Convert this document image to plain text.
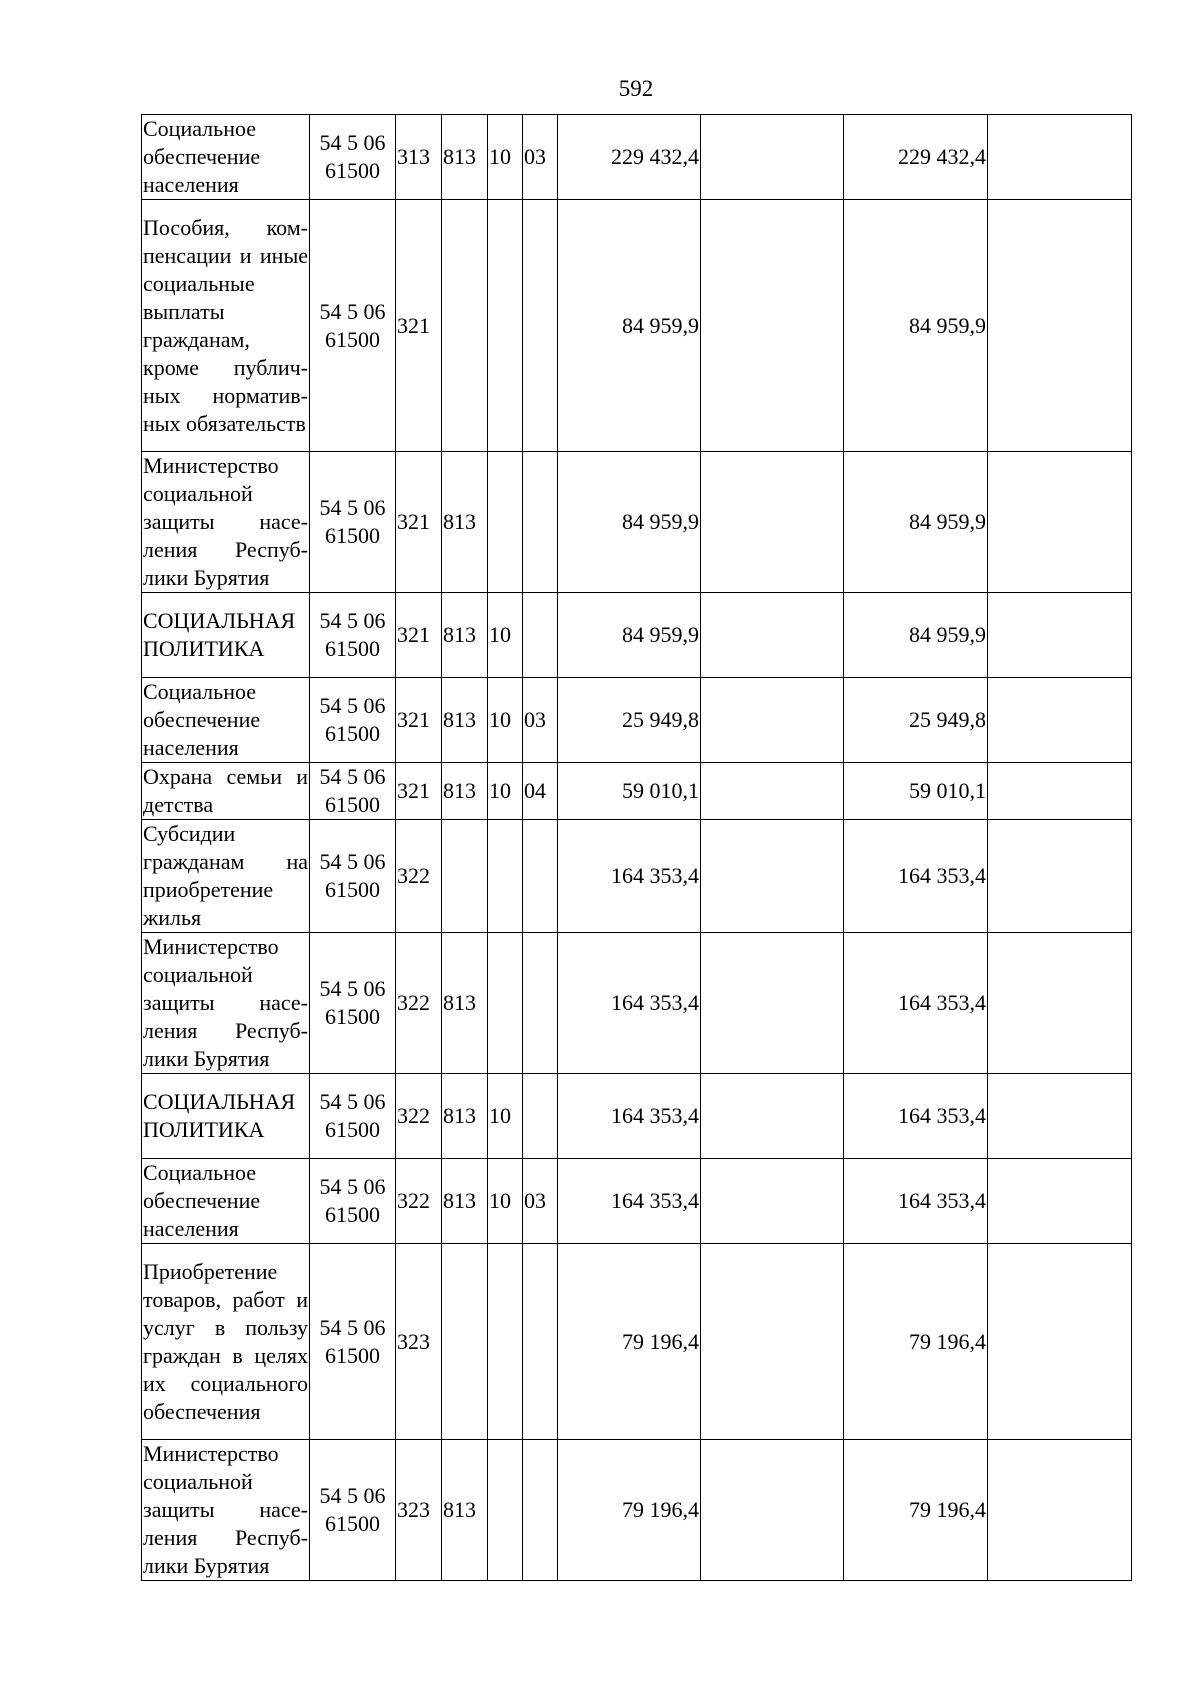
592
Социальное обеспечение населения	54 5 06 61500	313	813	10	03	229 432,4		229 432,4	
Пособия, компенсации и иные социальные выплаты гражданам, кроме публичных нормативных обязательств	54 5 06 61500	321				84 959,9		84 959,9	
Министерство социальной защиты населения Республики Бурятия	54 5 06 61500	321	813			84 959,9		84 959,9	
СОЦИАЛЬНАЯ ПОЛИТИКА	54 5 06 61500	321	813	10		84 959,9		84 959,9	
Социальное обеспечение населения	54 5 06 61500	321	813	10	03	25 949,8		25 949,8	
Охрана семьи и детства	54 5 06 61500	321	813	10	04	59 010,1		59 010,1	
Субсидии гражданам на приобретение жилья	54 5 06 61500	322				164 353,4		164 353,4	
Министерство социальной защиты населения Республики Бурятия	54 5 06 61500	322	813			164 353,4		164 353,4	
СОЦИАЛЬНАЯ ПОЛИТИКА	54 5 06 61500	322	813	10		164 353,4		164 353,4	
Социальное обеспечение населения	54 5 06 61500	322	813	10	03	164 353,4		164 353,4	
Приобретение товаров, работ и услуг в пользу граждан в целях их социального обеспечения	54 5 06 61500	323				79 196,4		79 196,4	
Министерство социальной защиты населения Республики Бурятия	54 5 06 61500	323	813			79 196,4		79 196,4	
